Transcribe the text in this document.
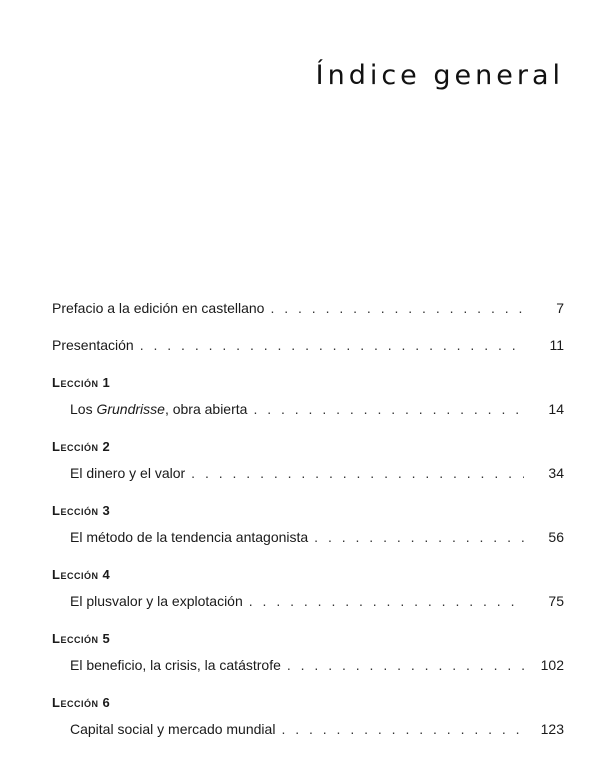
Índice general
Prefacio a la edición en castellano . . .	7
Presentación . . .	11
Lección 1
Los Grundrisse, obra abierta . . .	14
Lección 2
El dinero y el valor . . .	34
Lección 3
El método de la tendencia antagonista . . .	56
Lección 4
El plusvalor y la explotación . . .	75
Lección 5
El beneficio, la crisis, la catástrofe . . .	102
Lección 6
Capital social y mercado mundial . . .	123
